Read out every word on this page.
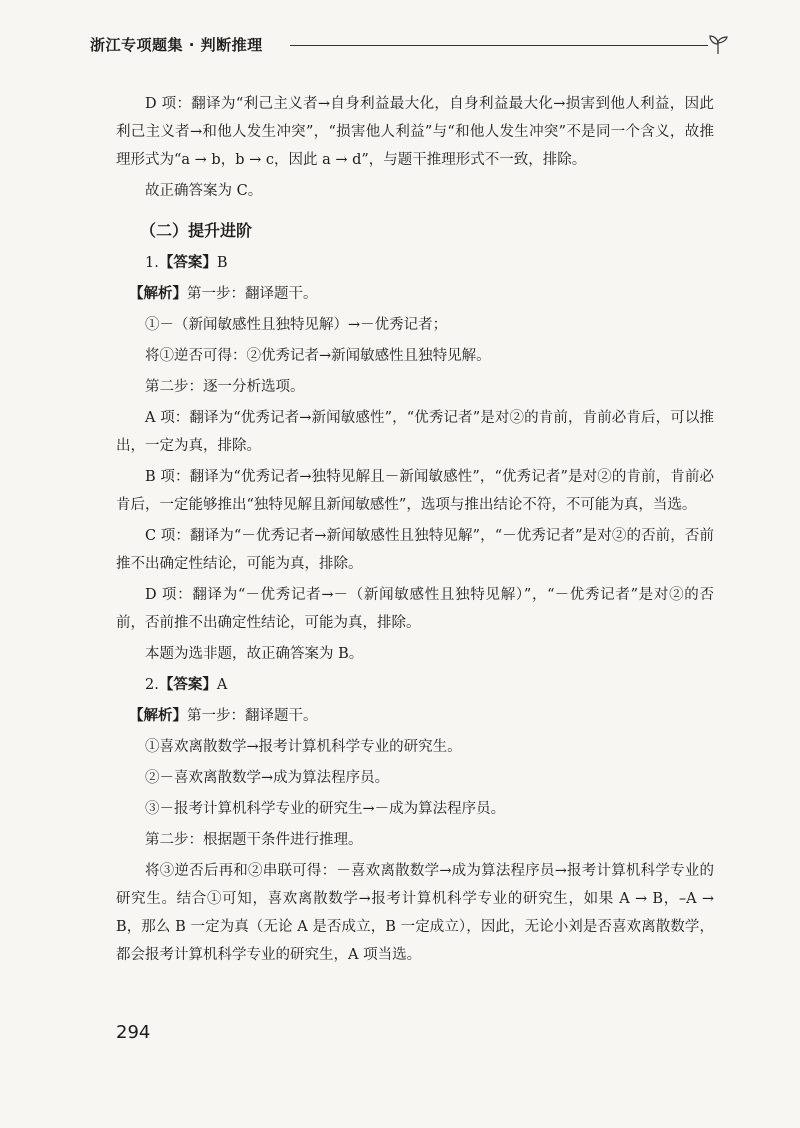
浙江专项题集 · 判断推理

D 项：翻译为“利己主义者→自身利益最大化，自身利益最大化→损害到他人利益，因此利己主义者→和他人发生冲突”，“损害他人利益”与“和他人发生冲突”不是同一个含义，故推理形式为“a → b，b → c，因此 a → d”，与题干推理形式不一致，排除。

故正确答案为 C。

（二）提升进阶

1.【答案】B

【解析】第一步：翻译题干。

①－（新闻敏感性且独特见解）→－优秀记者；

将①逆否可得：②优秀记者→新闻敏感性且独特见解。

第二步：逐一分析选项。

A 项：翻译为“优秀记者→新闻敏感性”，“优秀记者”是对②的肯前，肯前必肯后，可以推出，一定为真，排除。

B 项：翻译为“优秀记者→独特见解且－新闻敏感性”，“优秀记者”是对②的肯前，肯前必肯后，一定能够推出“独特见解且新闻敏感性”，选项与推出结论不符，不可能为真，当选。

C 项：翻译为“－优秀记者→新闻敏感性且独特见解”，“－优秀记者”是对②的否前，否前推不出确定性结论，可能为真，排除。

D 项：翻译为“－优秀记者→－（新闻敏感性且独特见解）”，“－优秀记者”是对②的否前，否前推不出确定性结论，可能为真，排除。

本题为选非题，故正确答案为 B。

2.【答案】A

【解析】第一步：翻译题干。

①喜欢离散数学→报考计算机科学专业的研究生。

②－喜欢离散数学→成为算法程序员。

③－报考计算机科学专业的研究生→－成为算法程序员。

第二步：根据题干条件进行推理。

将③逆否后再和②串联可得：－喜欢离散数学→成为算法程序员→报考计算机科学专业的研究生。结合①可知，喜欢离散数学→报考计算机科学专业的研究生，如果 A → B，–A → B，那么 B 一定为真（无论 A 是否成立，B 一定成立），因此，无论小刘是否喜欢离散数学，都会报考计算机科学专业的研究生，A 项当选。

294
